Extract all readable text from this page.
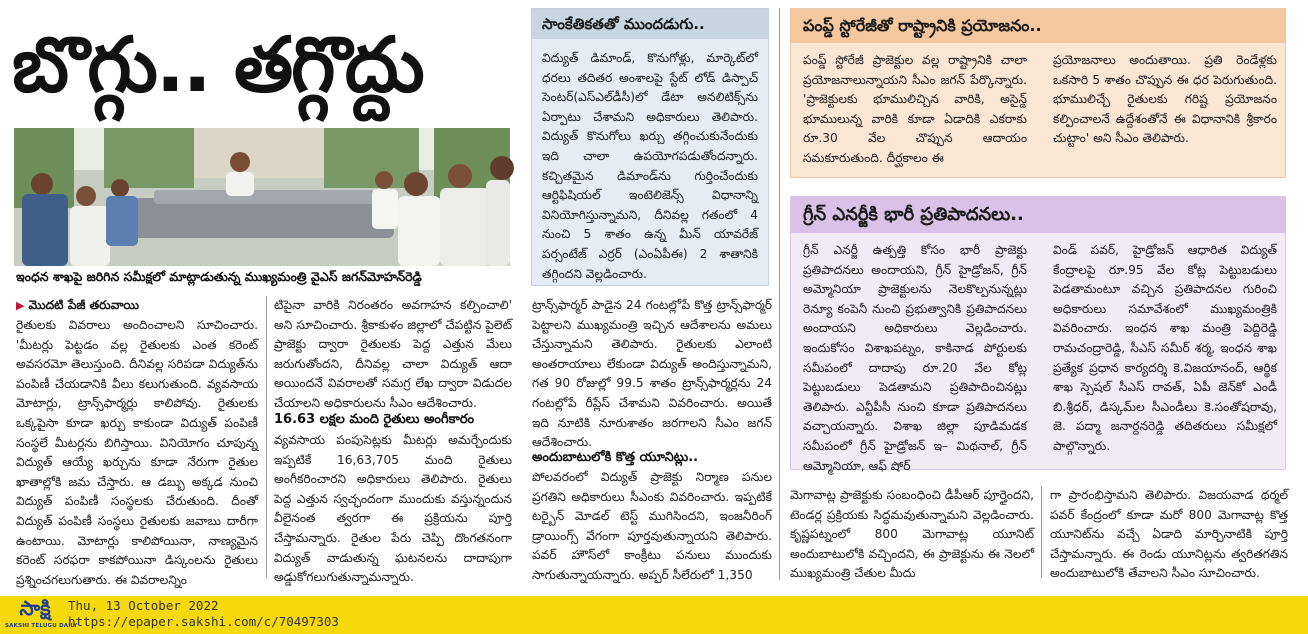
బొగ్గు.. తగ్గొద్దు
ఇంధన శాఖపై జరిగిన సమీక్షలో మాట్లాడుతున్న ముఖ్యమంత్రి వైఎస్‌ జగన్‌మోహన్‌రెడ్డి
▶ మొదటి పేజీ తరువాయి
రైతులకు వివరాలు అందించాలని సూచించారు. 'మీటర్లు పెట్టడం వల్ల రైతులకు ఎంత కరెంట్‌ అవసరమో తెలుస్తుంది. దీనివల్ల సరిపడా విద్యుత్‌ను పంపిణీ చేయడానికి వీలు కలుగుతుంది. వ్యవసాయ మోటార్లు, ట్రాన్స్‌ఫార్మర్లు కాలిపోవు. రైతులకు ఒక్కపైసా కూడా ఖర్చు కాకుండా విద్యుత్‌ పంపిణీ సంస్థలే మీటర్లను బిగిస్తాయి. వినియోగం చూపున్న విద్యుత్‌ ఆయ్యే ఖర్చును కూడా నేరుగా రైతుల ఖాతాల్లోకి జమ చేస్తారు. ఆ డబ్బు అక్కడ నుంచి విద్యుత్‌ పంపిణీ సంస్థలకు చేరుతుంది. దీంతో విద్యుత్‌ పంపిణీ సంస్థలు రైతులకు జవాబు దారీగా ఉంటాయి. మోటార్లు కాలిపోయినా, నాణ్యమైన కరెంట్‌ సరఫరా కాకపోయినా డిస్కంలను రైతులు ప్రశ్నించగలుగుతారు. ఈ వివరాలన్నిం
టిపైనా వారికి నిరంతరం అవగాహన కల్పించాలి' అని సూచించారు. శ్రీకాకుళం జిల్లాలో చేపట్టిన పైలెట్‌ ప్రాజెక్టు ద్వారా రైతులకు పెద్ద ఎత్తున మేలు జరుగుతోందని, దీనివల్ల చాలా విద్యుత్‌ ఆదా అయిందనే వివరాలతో సమగ్ర లేఖ ద్వారా విడుదల చేయాలని అధికారులను సీఎం ఆదేశించారు.
16.63 లక్షల మంది రైతులు అంగీకారం
వ్యవసాయ పంపుసెట్లకు మీటర్లు అమర్చేందుకు ఇప్పటికే 16,63,705 మంది రైతులు అంగీకరించారని అధికారులు తెలిపారు. రైతులు పెద్ద ఎత్తున స్వచ్ఛందంగా ముందుకు వస్తున్నందున వీలైనంత త్వరగా ఈ ప్రక్రియను పూర్తి చేస్తామన్నారు. రైతుల పేరు చెప్పి దొంగతనంగా విద్యుత్‌ వాడుతున్న ఘటనలను దాదాపుగా అడ్డుకోగలుగుతున్నామన్నారు.
సాంకేతికతతో ముందడుగు..
విద్యుత్‌ డిమాండ్, కొనుగోళ్లు, మార్కెట్‌లో ధరలు తదితర అంశాలపై స్టేట్‌ లోడ్‌ డిస్పాచ్‌ సెంటర్‌(ఎస్‌ఎల్‌డీసీ)లో డేటా అనలిటిక్స్‌ను ఏర్పాటు చేశామని అధికారులు తెలిపారు. విద్యుత్‌ కొనుగోలు ఖర్చు తగ్గించుకునేందుకు ఇది చాలా ఉపయోగపడుతోందన్నారు. కచ్చితమైన డిమాండ్‌ను గుర్తించేందుకు ఆర్టిఫిషియల్‌ ఇంటెలిజెన్స్‌ విధానాన్ని వినియోగిస్తున్నామని, దీనివల్ల గతంలో 4 నుంచి 5 శాతం ఉన్న మీన్‌ యావరేజ్‌ పర్సంటేజ్‌ ఎర్రర్‌ (ఎంఏపీఈ) 2 శాతానికి తగ్గిందని వెల్లడించారు.
ట్రాన్స్‌ఫార్మర్‌ పాడైన 24 గంటల్లోపే కొత్త ట్రాన్స్‌ఫార్మర్‌ పెట్టాలని ముఖ్యమంత్రి ఇచ్చిన ఆదేశాలను అమలు చేస్తున్నామని తెలిపారు. రైతులకు ఎలాంటి అంతరాయాలు లేకుండా విద్యుత్‌ అందిస్తున్నామని, గత 90 రోజుల్లో 99.5 శాతం ట్రాన్స్‌ఫార్మర్లను 24 గంటల్లోపే రీప్లేస్‌ చేశామని వివరించారు. అయితే ఇది నూటికి నూరుశాతం జరగాలని సీఎం జగన్‌ ఆదేశించారు.
అందుబాటులోకి కొత్త యూనిట్లు..
పోలవరంలో విద్యుత్‌ ప్రాజెక్టు నిర్మాణ పనుల ప్రగతిని అధికారులు సీఎంకు వివరించారు. ఇప్పటికే టర్బైన్‌ మోడల్‌ టెస్ట్‌ ముగిసిందని, ఇంజనీరింగ్‌ డ్రాయింగ్స్‌ వేగంగా పూర్తవుతున్నాయని తెలిపారు. పవర్‌ హౌస్‌లో కాంక్రీటు పనులు ముందుకు సాగుతున్నాయన్నారు. అప్పర్‌ సీలేరులో 1,350
పంప్డ్‌ స్టోరేజీతో రాష్ట్రానికి ప్రయోజనం..
పంప్డ్‌ స్టోరేజీ ప్రాజెక్టుల వల్ల రాష్ట్రానికి చాలా ప్రయోజనాలున్నాయని సీఎం జగన్‌ పేర్కొన్నారు. 'ప్రాజెక్టులకు భూములిచ్చిన వారికి, అసైన్డ్‌ భూములున్న వారికి కూడా ఏడాదికి ఎకరాకు రూ.30 వేల చొప్పున ఆదాయం సమకూరుతుంది. దీర్ఘకాలం ఈ
ప్రయోజనాలు అందుతాయి. ప్రతి రెండేళ్లకు ఒకసారి 5 శాతం చొప్పున ఈ ధర పెరుగుతుంది. భూములిచ్చే రైతులకు గరిష్ట ప్రయోజనం కల్పించాలనే ఉద్దేశంతోనే ఈ విధానానికి శ్రీకారం చుట్టాం' అని సీఎం తెలిపారు.
గ్రీన్‌ ఎనర్జీకి భారీ ప్రతిపాదనలు..
గ్రీన్‌ ఎనర్జీ ఉత్పత్తి కోసం భారీ ప్రాజెక్టు ప్రతిపాదనలు అందాయని, గ్రీన్‌ హైడ్రోజన్, గ్రీన్‌ అమ్మోనియా ప్రాజెక్టులను నెలకొల్పనున్నట్లు రెన్యూ కంపెనీ నుంచి ప్రభుత్వానికి ప్రతిపాదనలు అందాయని అధికారులు వెల్లడించారు. ఇందుకోసం విశాఖపట్నం, కాకినాడ పోర్టులకు సమీపంలో దాదాపు రూ.20 వేల కోట్ల పెట్టుబడులు పెడతామని ప్రతిపాదించినట్లు తెలిపారు. ఎన్టీపీసీ నుంచి కూడా ప్రతిపాదనలు వచ్చాయన్నారు. విశాఖ జిల్లా పూడిమడక సమీపంలో గ్రీన్‌ హైడ్రోజన్‌ ఇ– మిథనాల్, గ్రీన్‌ అమ్మోనియా, ఆఫ్‌ షోర్‌
విండ్‌ పవర్, హైడ్రోజన్‌ ఆధారిత విద్యుత్‌ కేంద్రాలపై రూ.95 వేల కోట్ల పెట్టుబడులు పెడతామంటూ వచ్చిన ప్రతిపాదనల గురించి అధికారులు సమావేశంలో ముఖ్యమంత్రికి వివరించారు. ఇంధన శాఖ మంత్రి పెద్దిరెడ్డి రామచంద్రారెడ్డి, సీఎస్‌ సమీర్‌ శర్మ, ఇంధన శాఖ ప్రత్యేక ప్రధాన కార్యదర్శి కె.విజయానంద్, ఆర్థిక శాఖ స్పెషల్‌ సీఎస్‌ రావత్, ఏపీ జెన్‌కో ఎండీ బి.శ్రీధర్, డిస్కమ్‌ల సీఎండీలు కె.సంతోషరావు, జె. పద్మా జనార్దనరెడ్డి తదితరులు సమీక్షలో పాల్గొన్నారు.
మెగావాట్ల ప్రాజెక్టుకు సంబంధించి డీపీఆర్‌ పూర్తైందని, టెండర్ల ప్రక్రియకు సిద్ధమవుతున్నామని వెల్లడించారు. కృష్ణపట్నంలో 800 మెగావాట్ల యూనిట్‌ అందుబాటులోకి వచ్చిందని, ఈ ప్రాజెక్టును ఈ నెలలో ముఖ్యమంత్రి చేతుల మీదు
గా ప్రారంభిస్తామని తెలిపారు. విజయవాడ థర్మల్‌ పవర్‌ కేంద్రంలో కూడా మరో 800 మెగావాట్ల కొత్త యూనిట్‌ను వచ్చే ఏడాది మార్చినాటికి పూర్తి చేస్తామన్నారు. ఈ రెండు యూనిట్లను త్వరితగతిన అందుబాటులోకి తేవాలని సీఎం సూచించారు.
సాక్షి
SAKSHI TELUGU DAILY
Thu, 13 October 2022
https://epaper.sakshi.com/c/70497303
